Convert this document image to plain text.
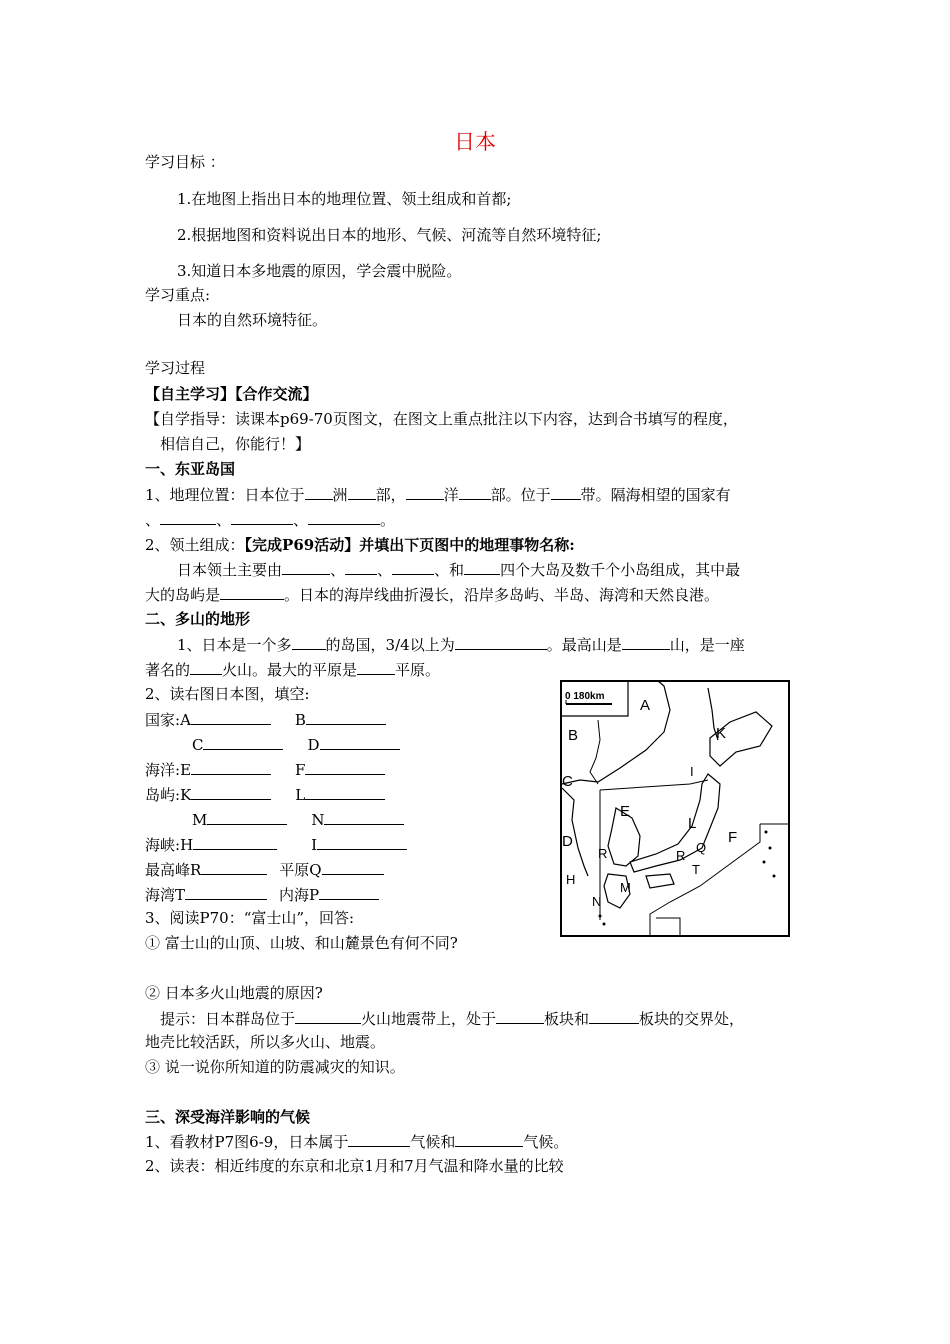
日本
学习目标 ：
1.在地图上指出日本的地理位置、领土组成和首都;
2.根据地图和资料说出日本的地形、气候、河流等自然环境特征;
3.知道日本多地震的原因，学会震中脱险。
学习重点:
日本的自然环境特征。
学习过程
【自主学习】【合作交流】
【自学指导：读课本p69-70页图文，在图文上重点批注以下内容，达到合书填写的程度，
相信自己，你能行！】
一、东亚岛国
1、地理位置：日本位于 洲 部，	洋 部。位于 带。隔海相望的国家有
、	、	、	。
2、领土组成：【完成P69活动】并填出下页图中的地理事物名称:
日本领土主要由	、 、	、和 四个大岛及数千个小岛组成，其中最
大的岛屿是	。日本的海岸线曲折漫长，沿岸多岛屿、半岛、海湾和天然良港。
二、多山的地形
1、日本是一个多 的岛国，3/4以上为	。最高山是	山，是一座
著名的 火山。最大的平原是	平原。
2、读右图日本图，填空:
国家:A	B
C	D
海洋:E	F
岛屿:K	L
M	N
海峡:H	I
最高峰R	平原Q
海湾T	内海P
3、阅读P70：“富士山”，回答:
① 富士山的山顶、山坡、和山麓景色有何不同?
② 日本多火山地震的原因?
提示：日本群岛位于	火山地震带上，处于	板块和	板块的交界处，
地壳比较活跃，所以多火山、地震。
③ 说一说你所知道的防震减灾的知识。
三、深受海洋影响的气候
1、看教材P7图6-9，日本属于	气候和	气候。
2、读表：相近纬度的东京和北京1月和7月气温和降水量的比较
0 180km
A
B
C
D
E
F
K
L
I
R	R
Q
T
H
N
M
